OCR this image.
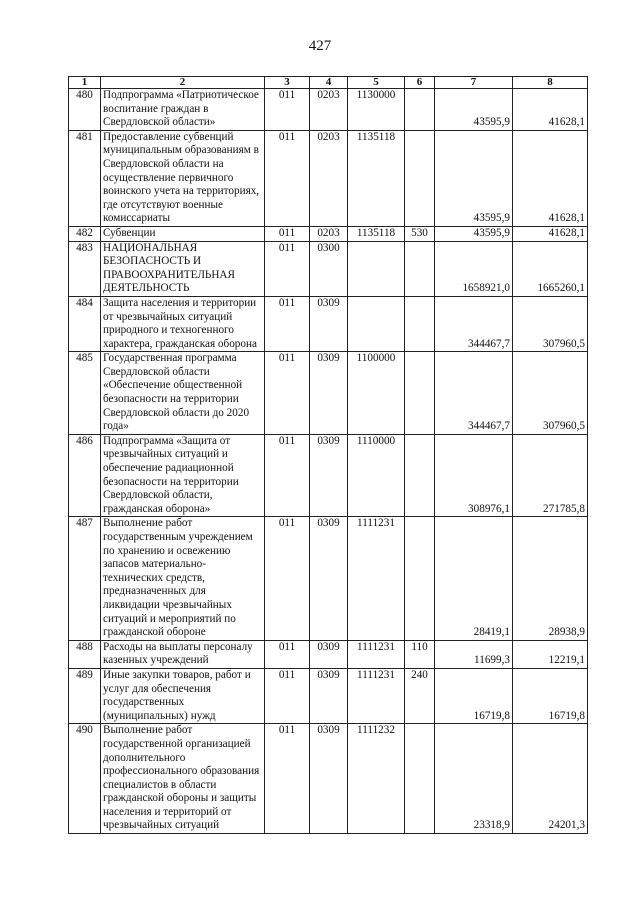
427
1	2	3	4	5	6	7	8
480	Подпрограмма «Патриотическое воспитание граждан в Свердловской области»	011	0203	1130000		43595,9	41628,1
481	Предоставление субвенций муниципальным образованиям в Свердловской области на осуществление первичного воинского учета на территориях, где отсутствуют военные комиссариаты	011	0203	1135118		43595,9	41628,1
482	Субвенции	011	0203	1135118	530	43595,9	41628,1
483	НАЦИОНАЛЬНАЯ БЕЗОПАСНОСТЬ И ПРАВООХРАНИТЕЛЬНАЯ ДЕЯТЕЛЬНОСТЬ	011	0300			1658921,0	1665260,1
484	Защита населения и территории от чрезвычайных ситуаций природного и техногенного характера, гражданская оборона	011	0309			344467,7	307960,5
485	Государственная программа Свердловской области «Обеспечение общественной безопасности на территории Свердловской области до 2020 года»	011	0309	1100000		344467,7	307960,5
486	Подпрограмма «Защита от чрезвычайных ситуаций и обеспечение радиационной безопасности на территории Свердловской области, гражданская оборона»	011	0309	1110000		308976,1	271785,8
487	Выполнение работ государственным учреждением по хранению и освежению запасов материально-технических средств, предназначенных для ликвидации чрезвычайных ситуаций и мероприятий по гражданской обороне	011	0309	1111231		28419,1	28938,9
488	Расходы на выплаты персоналу казенных учреждений	011	0309	1111231	110	11699,3	12219,1
489	Иные закупки товаров, работ и услуг для обеспечения государственных (муниципальных) нужд	011	0309	1111231	240	16719,8	16719,8
490	Выполнение работ государственной организацией дополнительного профессионального образования специалистов в области гражданской обороны и защиты населения и территорий от чрезвычайных ситуаций	011	0309	1111232		23318,9	24201,3
